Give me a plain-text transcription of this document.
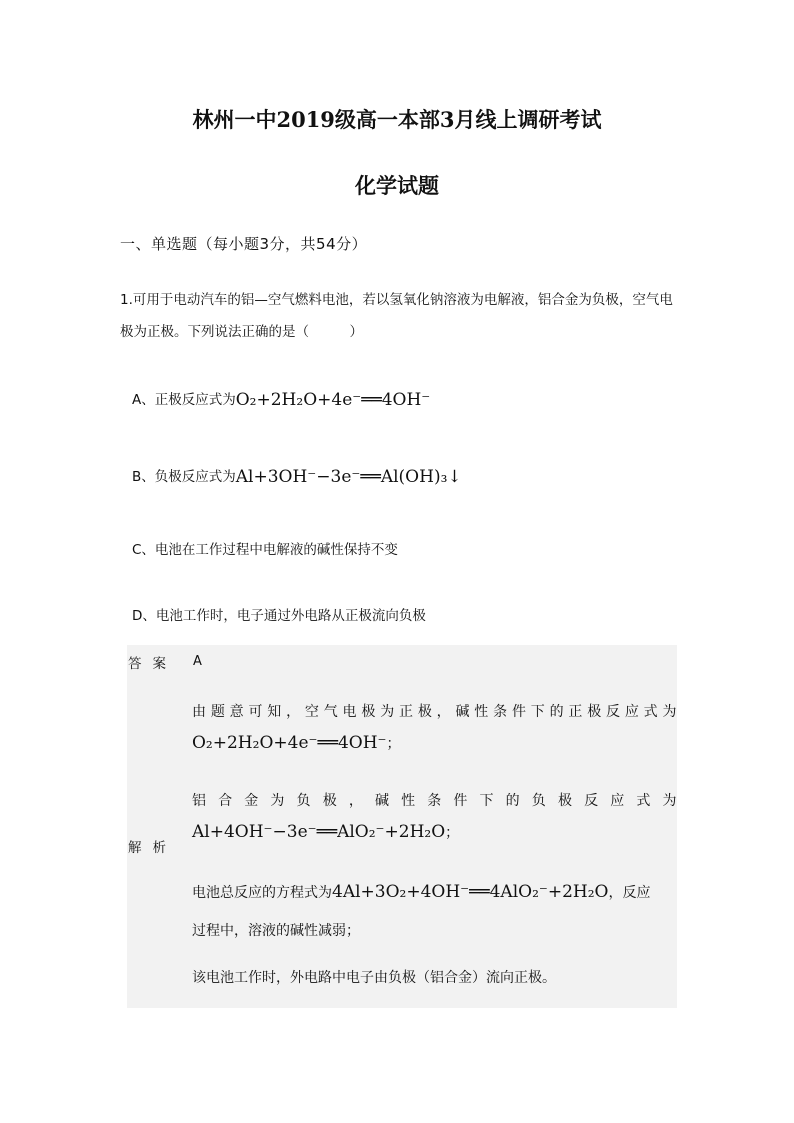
林州一中2019级高一本部3月线上调研考试
化学试题
一、单选题（每小题3分，共54分）
1.可用于电动汽车的铝—空气燃料电池，若以氢氧化钠溶液为电解液，铝合金为负极，空气电极为正极。下列说法正确的是（　　　）
A、正极反应式为O₂+2H₂O+4e⁻══4OH⁻
B、负极反应式为Al+3OH⁻−3e⁻══Al(OH)₃↓
C、电池在工作过程中电解液的碱性保持不变
D、电池工作时，电子通过外电路从正极流向负极
答案 A
解析
由题意可知，空气电极为正极，碱性条件下的正极反应式为
O₂+2H₂O+4e⁻══4OH⁻；
铝合金为负极，碱性条件下的负极反应式为
Al+4OH⁻−3e⁻══AlO₂⁻+2H₂O；
电池总反应的方程式为4Al+3O₂+4OH⁻══4AlO₂⁻+2H₂O，反应
过程中，溶液的碱性减弱；
该电池工作时，外电路中电子由负极（铝合金）流向正极。
